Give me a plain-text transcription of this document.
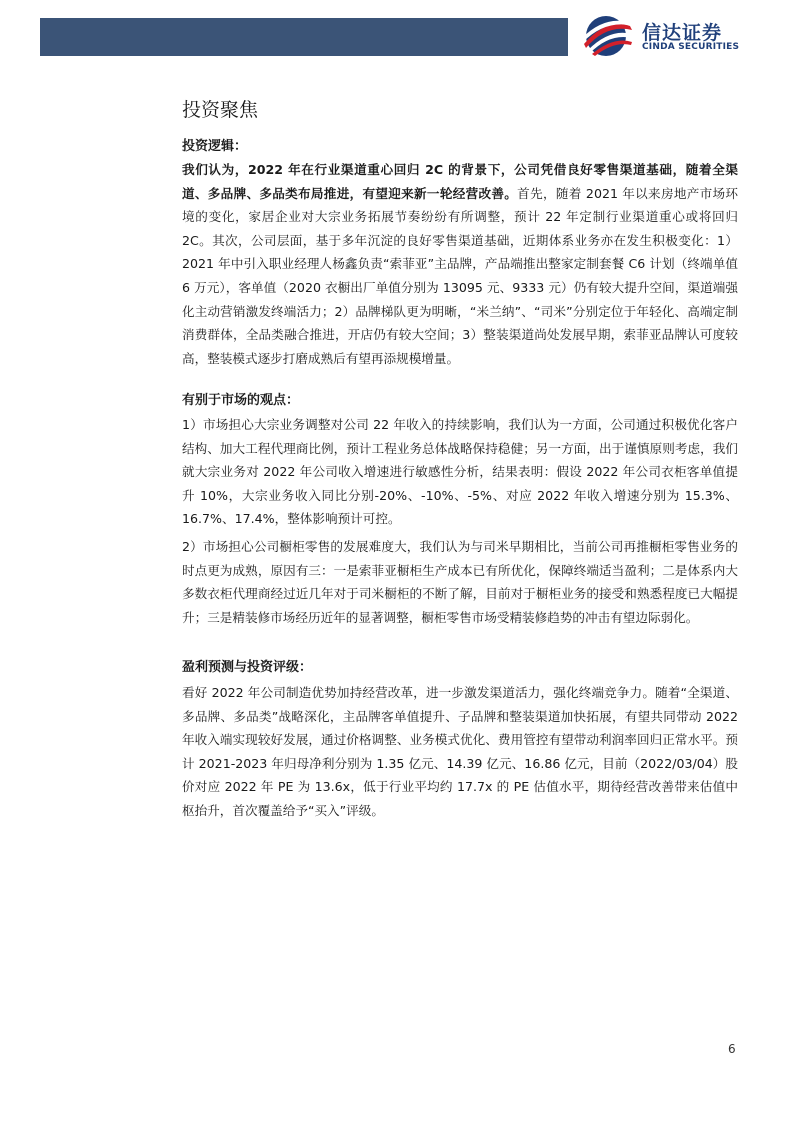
信达证券
CINDA SECURITIES
投资聚焦
投资逻辑：

我们认为，2022 年在行业渠道重心回归 2C 的背景下，公司凭借良好零售渠道基础，随着全渠道、多品牌、多品类布局推进，有望迎来新一轮经营改善。首先，随着 2021 年以来房地产市场环境的变化，家居企业对大宗业务拓展节奏纷纷有所调整，预计 22 年定制行业渠道重心或将回归 2C。其次，公司层面，基于多年沉淀的良好零售渠道基础，近期体系业务亦在发生积极变化：1）2021 年中引入职业经理人杨鑫负责“索菲亚”主品牌，产品端推出整家定制套餐 C6 计划（终端单值 6 万元），客单值（2020 衣橱出厂单值分别为 13095 元、9333 元）仍有较大提升空间，渠道端强化主动营销激发终端活力；2）品牌梯队更为明晰，“米兰纳”、“司米”分别定位于年轻化、高端定制消费群体，全品类融合推进，开店仍有较大空间；3）整装渠道尚处发展早期，索菲亚品牌认可度较高，整装模式逐步打磨成熟后有望再添规模增量。

有别于市场的观点：

1）市场担心大宗业务调整对公司 22 年收入的持续影响，我们认为一方面，公司通过积极优化客户结构、加大工程代理商比例，预计工程业务总体战略保持稳健；另一方面，出于谨慎原则考虑，我们就大宗业务对 2022 年公司收入增速进行敏感性分析，结果表明：假设 2022 年公司衣柜客单值提升 10%，大宗业务收入同比分别-20%、-10%、-5%、对应 2022 年收入增速分别为 15.3%、16.7%、17.4%，整体影响预计可控。

2）市场担心公司橱柜零售的发展难度大，我们认为与司米早期相比，当前公司再推橱柜零售业务的时点更为成熟，原因有三：一是索菲亚橱柜生产成本已有所优化，保障终端适当盈利；二是体系内大多数衣柜代理商经过近几年对于司米橱柜的不断了解，目前对于橱柜业务的接受和熟悉程度已大幅提升；三是精装修市场经历近年的显著调整，橱柜零售市场受精装修趋势的冲击有望边际弱化。

盈利预测与投资评级：

看好 2022 年公司制造优势加持经营改革，进一步激发渠道活力，强化终端竞争力。随着“全渠道、多品牌、多品类”战略深化，主品牌客单值提升、子品牌和整装渠道加快拓展，有望共同带动 2022 年收入端实现较好发展，通过价格调整、业务模式优化、费用管控有望带动利润率回归正常水平。预计 2021-2023 年归母净利分别为 1.35 亿元、14.39 亿元、16.86 亿元，目前（2022/03/04）股价对应 2022 年 PE 为 13.6x，低于行业平均约 17.7x 的 PE 估值水平，期待经营改善带来估值中枢抬升，首次覆盖给予“买入”评级。

6
